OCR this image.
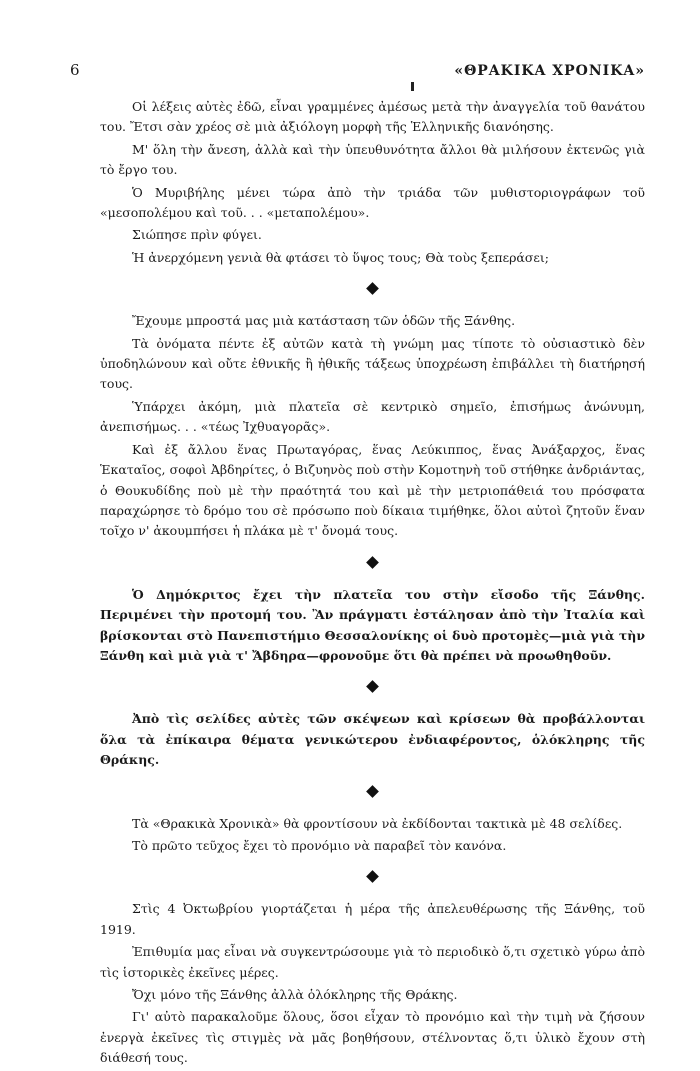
6	«ΘΡΑΚΙΚΑ ΧΡΟΝΙΚΑ»

Οἱ λέξεις αὐτὲς ἐδῶ, εἶναι γραμμένες ἀμέσως μετὰ τὴν ἀναγγελία τοῦ θανάτου του. Ἔτσι σὰν χρέος σὲ μιὰ ἀξιόλογη μορφὴ τῆς Ἑλληνικῆς διανόησης.

Μ' ὅλη τὴν ἄνεση, ἀλλὰ καὶ τὴν ὑπευθυνότητα ἄλλοι θὰ μιλήσουν ἐκτενῶς γιὰ τὸ ἔργο του.

Ὁ Μυριβήλης μένει τώρα ἀπὸ τὴν τριάδα τῶν μυθιστοριογράφων τοῦ «μεσοπολέμου καὶ τοῦ. . . «μεταπολέμου».

Σιώπησε πρὶν φύγει.

Ἡ ἀνερχόμενη γενιὰ θὰ φτάσει τὸ ὕψος τους; Θὰ τοὺς ξεπεράσει;

Ἔχουμε μπροστά μας μιὰ κατάσταση τῶν ὁδῶν τῆς Ξάνθης.

Τὰ ὀνόματα πέντε ἐξ αὐτῶν κατὰ τὴ γνώμη μας τίποτε τὸ οὐσιαστικὸ δὲν ὑποδηλώνουν καὶ οὔτε ἐθνικῆς ἢ ἠθικῆς τάξεως ὑποχρέωση ἐπιβάλλει τὴ διατήρησή τους.

Ὑπάρχει ἀκόμη, μιὰ πλατεῖα σὲ κεντρικὸ σημεῖο, ἐπισήμως ἀνώνυμη, ἀνεπισήμως. . . «τέως Ἰχθυαγορᾶς».

Καὶ ἐξ ἄλλου ἕνας Πρωταγόρας, ἕνας Λεύκιππος, ἕνας Ἀνάξαρχος, ἕνας Ἑκαταῖος, σοφοὶ Ἀβδηρίτες, ὁ Βιζυηνὸς ποὺ στὴν Κομοτηνὴ τοῦ στήθηκε ἀνδριάντας, ὁ Θουκυδίδης ποὺ μὲ τὴν πραότητά του καὶ μὲ τὴν μετριοπάθειά του πρόσφατα παραχώρησε τὸ δρόμο του σὲ πρόσωπο ποὺ δίκαια τιμήθηκε, ὅλοι αὐτοὶ ζητοῦν ἕναν τοῖχο ν' ἀκουμπήσει ἡ πλάκα μὲ τ' ὄνομά τους.

Ὁ Δημόκριτος ἔχει τὴν πλατεῖα του στὴν εἴσοδο τῆς Ξάνθης. Περιμένει τὴν προτομή του. Ἂν πράγματι ἐστάλησαν ἀπὸ τὴν Ἰταλία καὶ βρίσκονται στὸ Πανεπιστήμιο Θεσσαλονίκης οἱ δυὸ προτομὲς—μιὰ γιὰ τὴν Ξάνθη καὶ μιὰ γιὰ τ' Ἄβδηρα—φρονοῦμε ὅτι θὰ πρέπει νὰ προωθηθοῦν.

Ἀπὸ τὶς σελίδες αὐτὲς τῶν σκέψεων καὶ κρίσεων θὰ προβάλλονται ὅλα τὰ ἐπίκαιρα θέματα γενικώτερου ἐνδιαφέροντος, ὁλόκληρης τῆς Θράκης.

Τὰ «Θρακικὰ Χρονικὰ» θὰ φροντίσουν νὰ ἐκδίδονται τακτικὰ μὲ 48 σελίδες.

Τὸ πρῶτο τεῦχος ἔχει τὸ προνόμιο νὰ παραβεῖ τὸν κανόνα.

Στὶς 4 Ὀκτωβρίου γιορτάζεται ἡ μέρα τῆς ἀπελευθέρωσης τῆς Ξάνθης, τοῦ 1919.

Ἐπιθυμία μας εἶναι νὰ συγκεντρώσουμε γιὰ τὸ περιοδικὸ ὅ,τι σχετικὸ γύρω ἀπὸ τὶς ἱστορικὲς ἐκεῖνες μέρες.

Ὄχι μόνο τῆς Ξάνθης ἀλλὰ ὁλόκληρης τῆς Θράκης.

Γι' αὐτὸ παρακαλοῦμε ὅλους, ὅσοι εἶχαν τὸ προνόμιο καὶ τὴν τιμὴ νὰ ζήσουν ἐνεργὰ ἐκεῖνες τὶς στιγμὲς νὰ μᾶς βοηθήσουν, στέλνοντας ὅ,τι ὑλικὸ ἔχουν στὴ διάθεσή τους.
